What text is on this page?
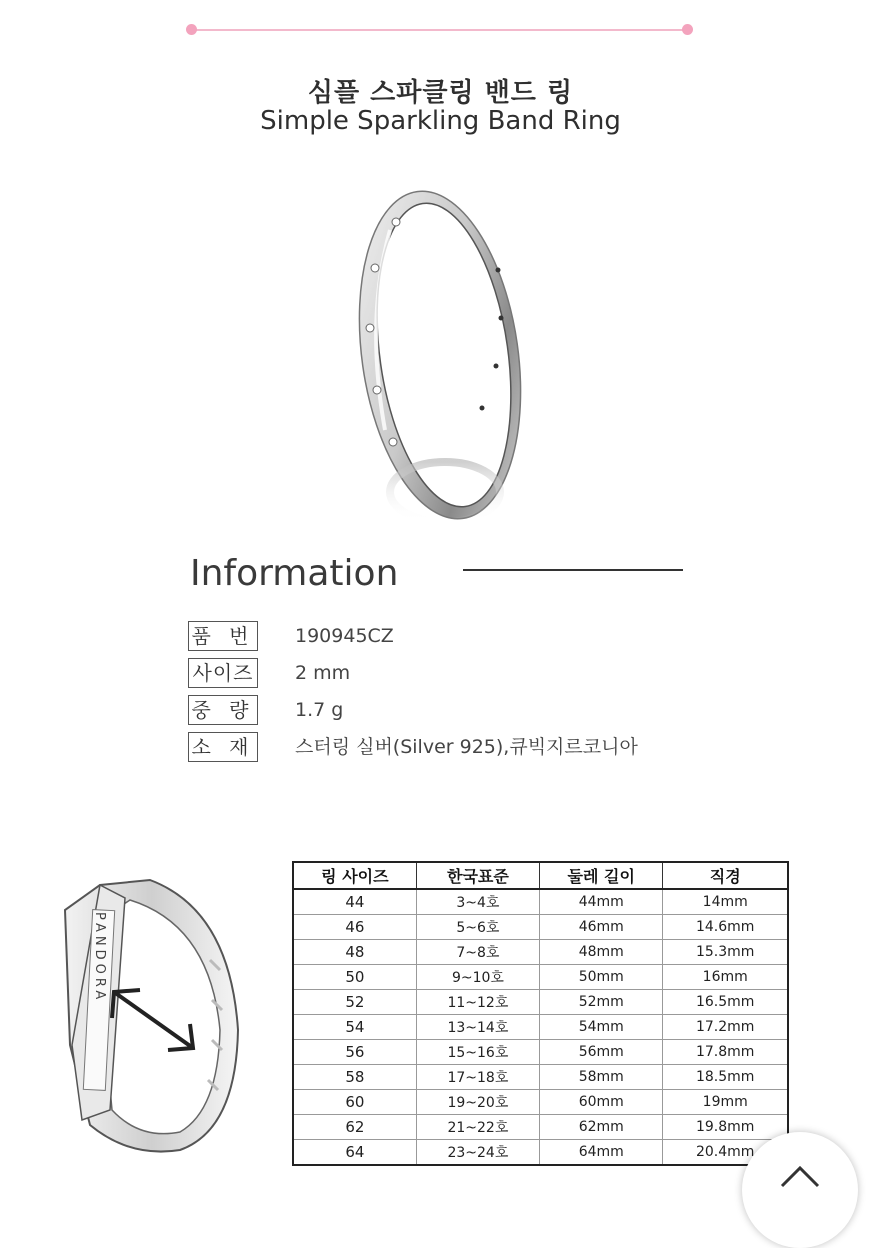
심플 스파클링 밴드 링
Simple Sparkling Band Ring
Information
품 번 190945CZ
사이즈 2 mm
중 량 1.7 g
소 재 스터링 실버(Silver 925),큐빅지르코니아
PANDORA
링 사이즈	한국표준	둘레 길이	직경
44	3~4호	44mm	14mm
46	5~6호	46mm	14.6mm
48	7~8호	48mm	15.3mm
50	9~10호	50mm	16mm
52	11~12호	52mm	16.5mm
54	13~14호	54mm	17.2mm
56	15~16호	56mm	17.8mm
58	17~18호	58mm	18.5mm
60	19~20호	60mm	19mm
62	21~22호	62mm	19.8mm
64	23~24호	64mm	20.4mm
